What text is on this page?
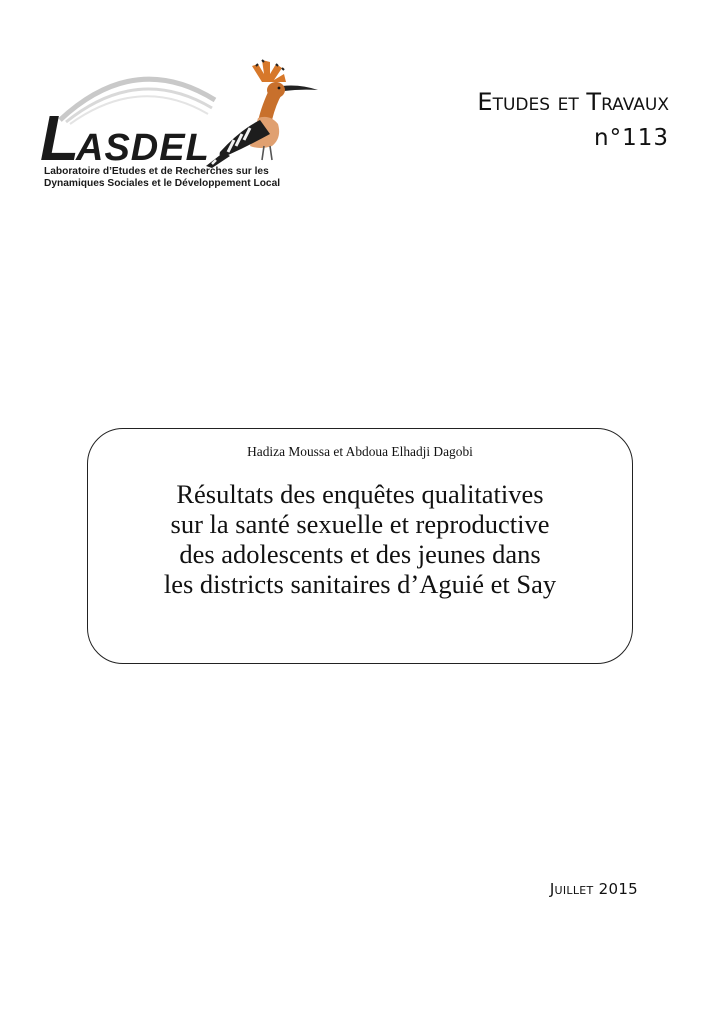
L
ASDEL
Laboratoire d’Etudes et de Recherches sur les
Dynamiques Sociales et le Développement Local
Etudes et Travaux
n°113
Hadiza Moussa et Abdoua Elhadji Dagobi
Résultats des enquêtes qualitatives
sur la santé sexuelle et reproductive
des adolescents et des jeunes dans
les districts sanitaires d’Aguié et Say
Juillet 2015
